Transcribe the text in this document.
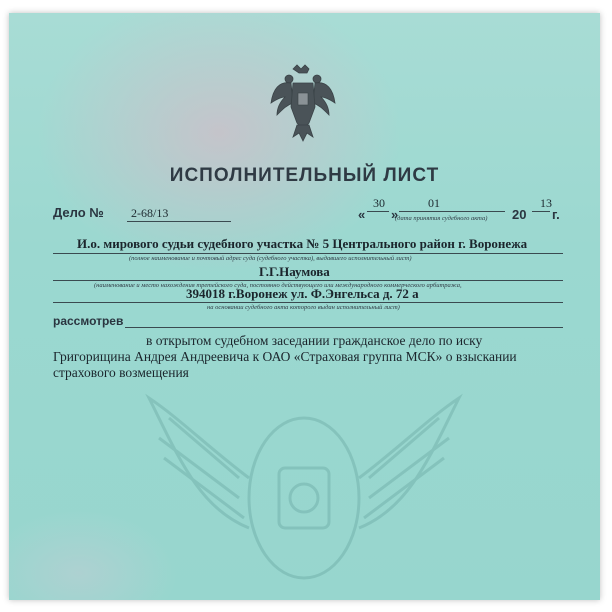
ИСПОЛНИТЕЛЬНЫЙ ЛИСТ
Дело № 2-68/13	«
30
»
01
20
13
г.
(дата принятия судебного акта)
И.о. мирового судьи судебного участка № 5 Центрального район г. Воронежа
(полное наименование и почтовый адрес суда (судебного участка), выдавшего исполнительный лист)
Г.Г.Наумова
(наименование и место нахождения третейского суда, постоянно действующего или международного коммерческого арбитража,
394018 г.Воронеж ул. Ф.Энгельса д. 72 а
на основании судебного акта которого выдан исполнительный лист)
рассмотрев
в открытом судебном заседании гражданское дело по иску
Григорищина Андрея Андреевича к ОАО «Страховая группа МСК» о взыскании
страхового возмещения
